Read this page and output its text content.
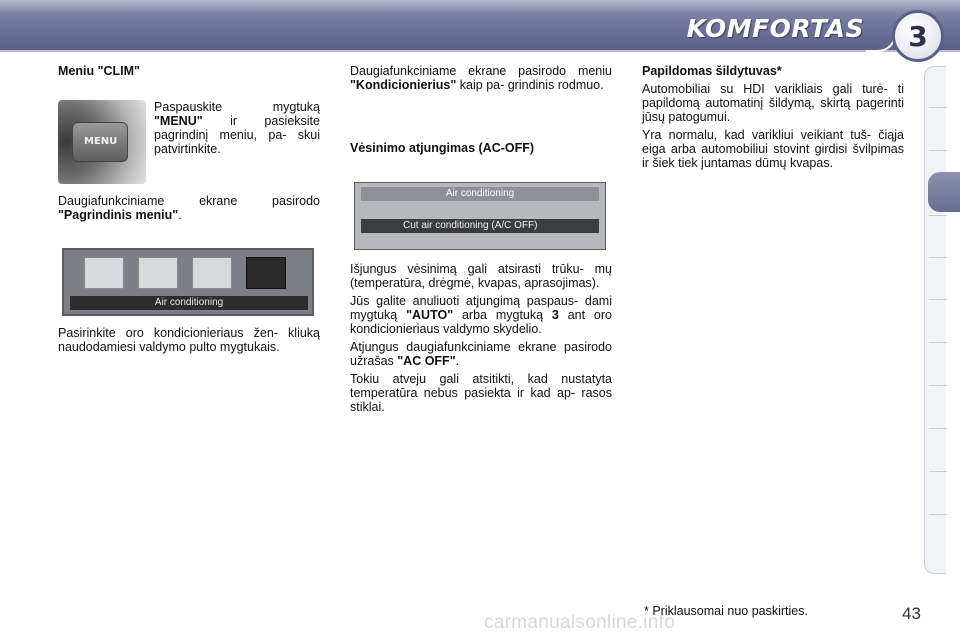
KOMFORTAS	3
Meniu "CLIM"
MENU

Paspauskite mygtuką "MENU" ir pasieksite pagrindinį meniu, pa- skui patvirtinkite.

Daugiafunkciniame ekrane pasirodo "Pagrindinis meniu".

Air conditioning

Pasirinkite oro kondicionieriaus žen- kliuką naudodamiesi valdymo pulto mygtukais.

Daugiafunkciniame ekrane pasirodo meniu "Kondicionierius" kaip pa- grindinis rodmuo.

Vėsinimo atjungimas (AC-OFF)
Air conditioning
Cut air conditioning (A/C OFF)

Išjungus vėsinimą gali atsirasti trūku- mų (temperatūra, drėgmė, kvapas, aprasojimas).

Jūs galite anuliuoti atjungimą paspaus- dami mygtuką "AUTO" arba mygtuką 3 ant oro kondicionieriaus valdymo skydelio.

Atjungus daugiafunkciniame ekrane pasirodo užrašas "AC OFF".

Tokiu atveju gali atsitikti, kad nustatyta temperatūra nebus pasiekta ir kad ap- rasos stiklai.

Papildomas šildytuvas*

Automobiliai su HDI varikliais gali turė- ti papildomą automatinį šildymą, skirtą pagerinti jūsų patogumui.

Yra normalu, kad varikliui veikiant tuš- čiąja eiga arba automobiliui stovint girdisi švilpimas ir šiek tiek juntamas dūmų kvapas.

carmanualsonline.info
* Priklausomai nuo paskirties.	43
